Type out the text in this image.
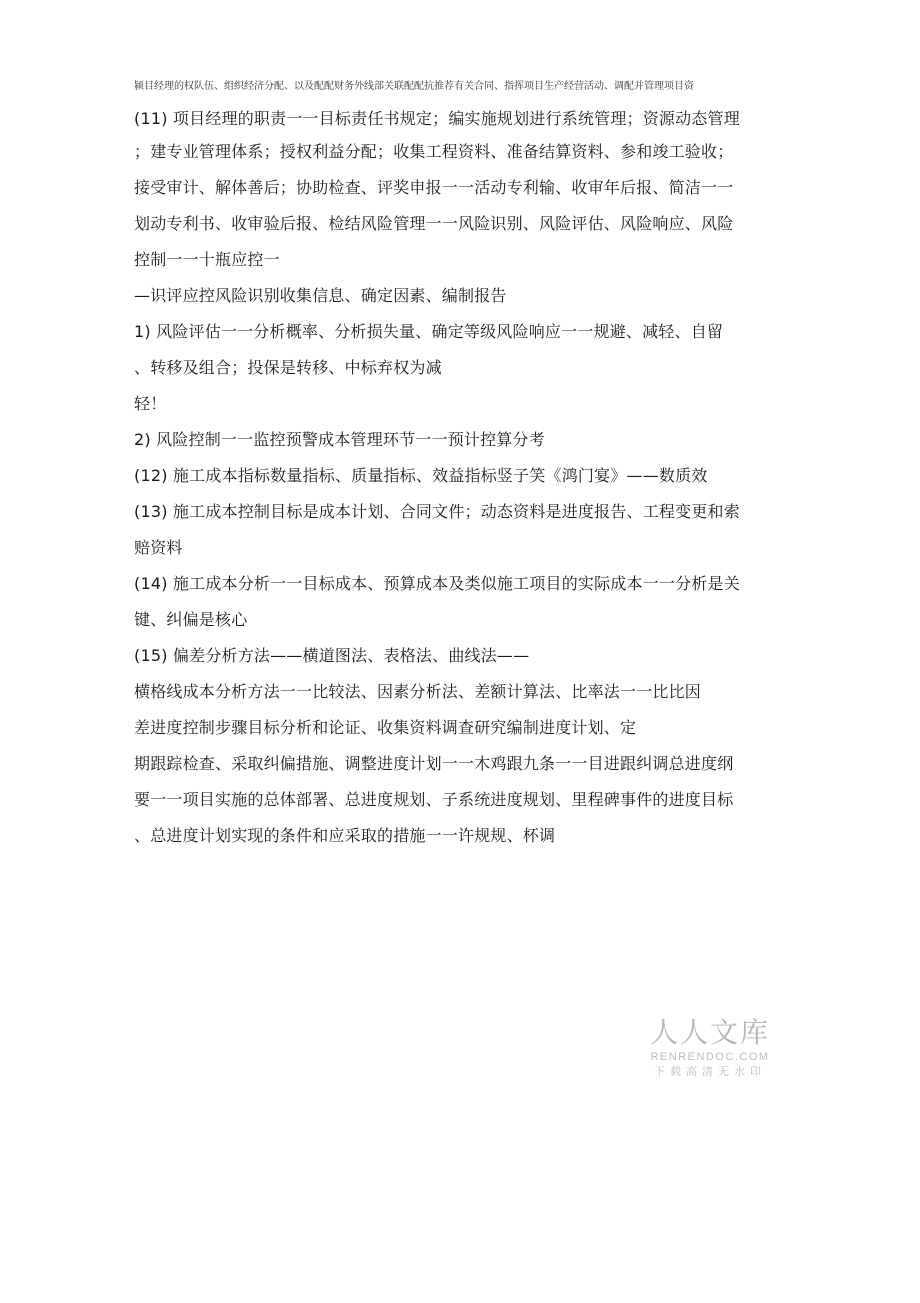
颍目经理的权队伍、组织经济分配、以及配配财务外线部关联配配抗推荐有关合同、指挥项目生产经营活动、调配并管理项目资
(11) 项目经理的职责一一目标责任书规定；编实施规划进行系统管理；资源动态管理
；建专业管理体系；授权利益分配；收集工程资料、准备结算资料、参和竣工验收；
接受审计、解体善后；协助检查、评奖申报一一活动专利输、收审年后报、简洁一一
划动专利书、收审验后报、检结风险管理一一风险识别、风险评估、风险响应、风险
控制一一十瓶应控一
—识评应控风险识别收集信息、确定因素、编制报告
1) 风险评估一一分析概率、分析损失量、确定等级风险响应一一规避、减轻、自留
、转移及组合；投保是转移、中标弃权为减
轻！
2) 风险控制一一监控预警成本管理环节一一预计控算分考
(12) 施工成本指标数量指标、质量指标、效益指标竖子笑《鸿门宴》——数质效
(13) 施工成本控制目标是成本计划、合同文件；动态资料是进度报告、工程变更和索
赔资料
(14) 施工成本分析一一目标成本、预算成本及类似施工项目的实际成本一一分析是关
键、纠偏是核心
(15) 偏差分析方法——横道图法、表格法、曲线法——
横格线成本分析方法一一比较法、因素分析法、差额计算法、比率法一一比比因
差进度控制步骤目标分析和论证、收集资料调查研究编制进度计划、定
期跟踪检查、采取纠偏措施、调整进度计划一一木鸡跟九条一一目进跟纠调总进度纲
要一一项目实施的总体部署、总进度规划、子系统进度规划、里程碑事件的进度目标
、总进度计划实现的条件和应采取的措施一一许规规、杯调
人人文库
RENRENDOC.COM
下载高清无水印
